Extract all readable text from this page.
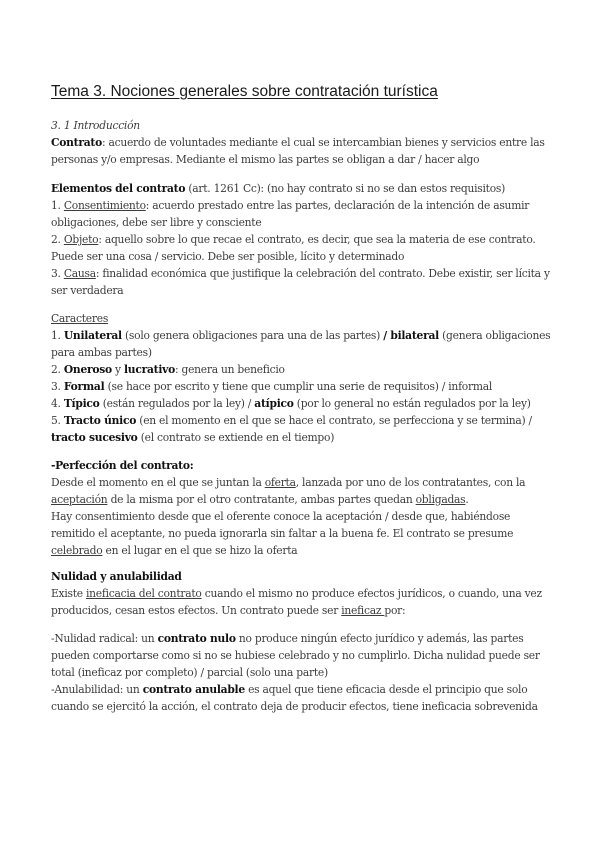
Tema 3. Nociones generales sobre contratación turística

3. 1 Introducción

Contrato: acuerdo de voluntades mediante el cual se intercambian bienes y servicios entre las personas y/o empresas. Mediante el mismo las partes se obligan a dar / hacer algo

Elementos del contrato (art. 1261 Cc): (no hay contrato si no se dan estos requisitos)

1. Consentimiento: acuerdo prestado entre las partes, declaración de la intención de asumir obligaciones, debe ser libre y consciente

2. Objeto: aquello sobre lo que recae el contrato, es decir, que sea la materia de ese contrato. Puede ser una cosa / servicio. Debe ser posible, lícito y determinado

3. Causa: finalidad económica que justifique la celebración del contrato. Debe existir, ser lícita y ser verdadera

Caracteres

1. Unilateral (solo genera obligaciones para una de las partes) / bilateral (genera obligaciones para ambas partes)

2. Oneroso y lucrativo: genera un beneficio

3. Formal (se hace por escrito y tiene que cumplir una serie de requisitos) / informal

4. Típico (están regulados por la ley) / atípico (por lo general no están regulados por la ley)

5. Tracto único (en el momento en el que se hace el contrato, se perfecciona y se termina) / tracto sucesivo (el contrato se extiende en el tiempo)

-Perfección del contrato:

Desde el momento en el que se juntan la oferta, lanzada por uno de los contratantes, con la aceptación de la misma por el otro contratante, ambas partes quedan obligadas.

Hay consentimiento desde que el oferente conoce la aceptación / desde que, habiéndose remitido el aceptante, no pueda ignorarla sin faltar a la buena fe. El contrato se presume celebrado en el lugar en el que se hizo la oferta

Nulidad y anulabilidad

Existe ineficacia del contrato cuando el mismo no produce efectos jurídicos, o cuando, una vez producidos, cesan estos efectos. Un contrato puede ser ineficaz por:

-Nulidad radical: un contrato nulo no produce ningún efecto jurídico y además, las partes pueden comportarse como si no se hubiese celebrado y no cumplirlo. Dicha nulidad puede ser total (ineficaz por completo) / parcial (solo una parte)

-Anulabilidad: un contrato anulable es aquel que tiene eficacia desde el principio que solo cuando se ejercitó la acción, el contrato deja de producir efectos, tiene ineficacia sobrevenida
